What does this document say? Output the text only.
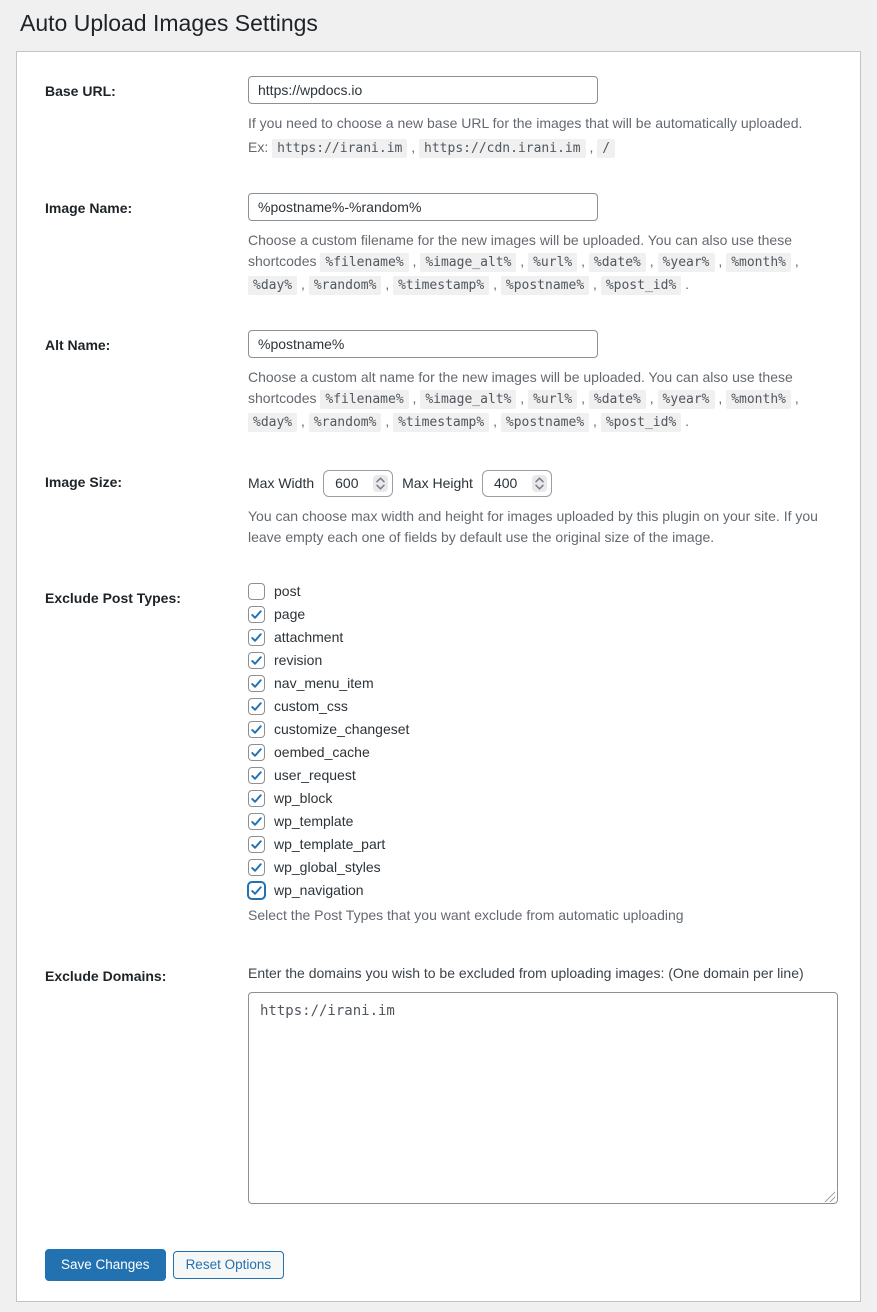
Auto Upload Images Settings
Base URL:
https://wpdocs.io

If you need to choose a new base URL for the images that will be automatically uploaded.

Ex: https://irani.im , https://cdn.irani.im , /

Image Name:
%postname%-%random%

Choose a custom filename for the new images will be uploaded. You can also use these shortcodes %filename% , %image_alt% , %url% , %date% , %year% , %month% , %day% , %random% , %timestamp% , %postname% , %post_id% .

Alt Name:
%postname%

Choose a custom alt name for the new images will be uploaded. You can also use these shortcodes %filename% , %image_alt% , %url% , %date% , %year% , %month% , %day% , %random% , %timestamp% , %postname% , %post_id% .

Image Size:	Max Width 600	Max Height 400

You can choose max width and height for images uploaded by this plugin on your site. If you leave empty each one of fields by default use the original size of the image.

Exclude Post Types:	post
page
attachment
revision
nav_menu_item
custom_css
customize_changeset
oembed_cache
user_request
wp_block
wp_template
wp_template_part
wp_global_styles
wp_navigation

Select the Post Types that you want exclude from automatic uploading

Exclude Domains:	Enter the domains you wish to be excluded from uploading images: (One domain per line)

https://irani.im
Save Changes	Reset Options
